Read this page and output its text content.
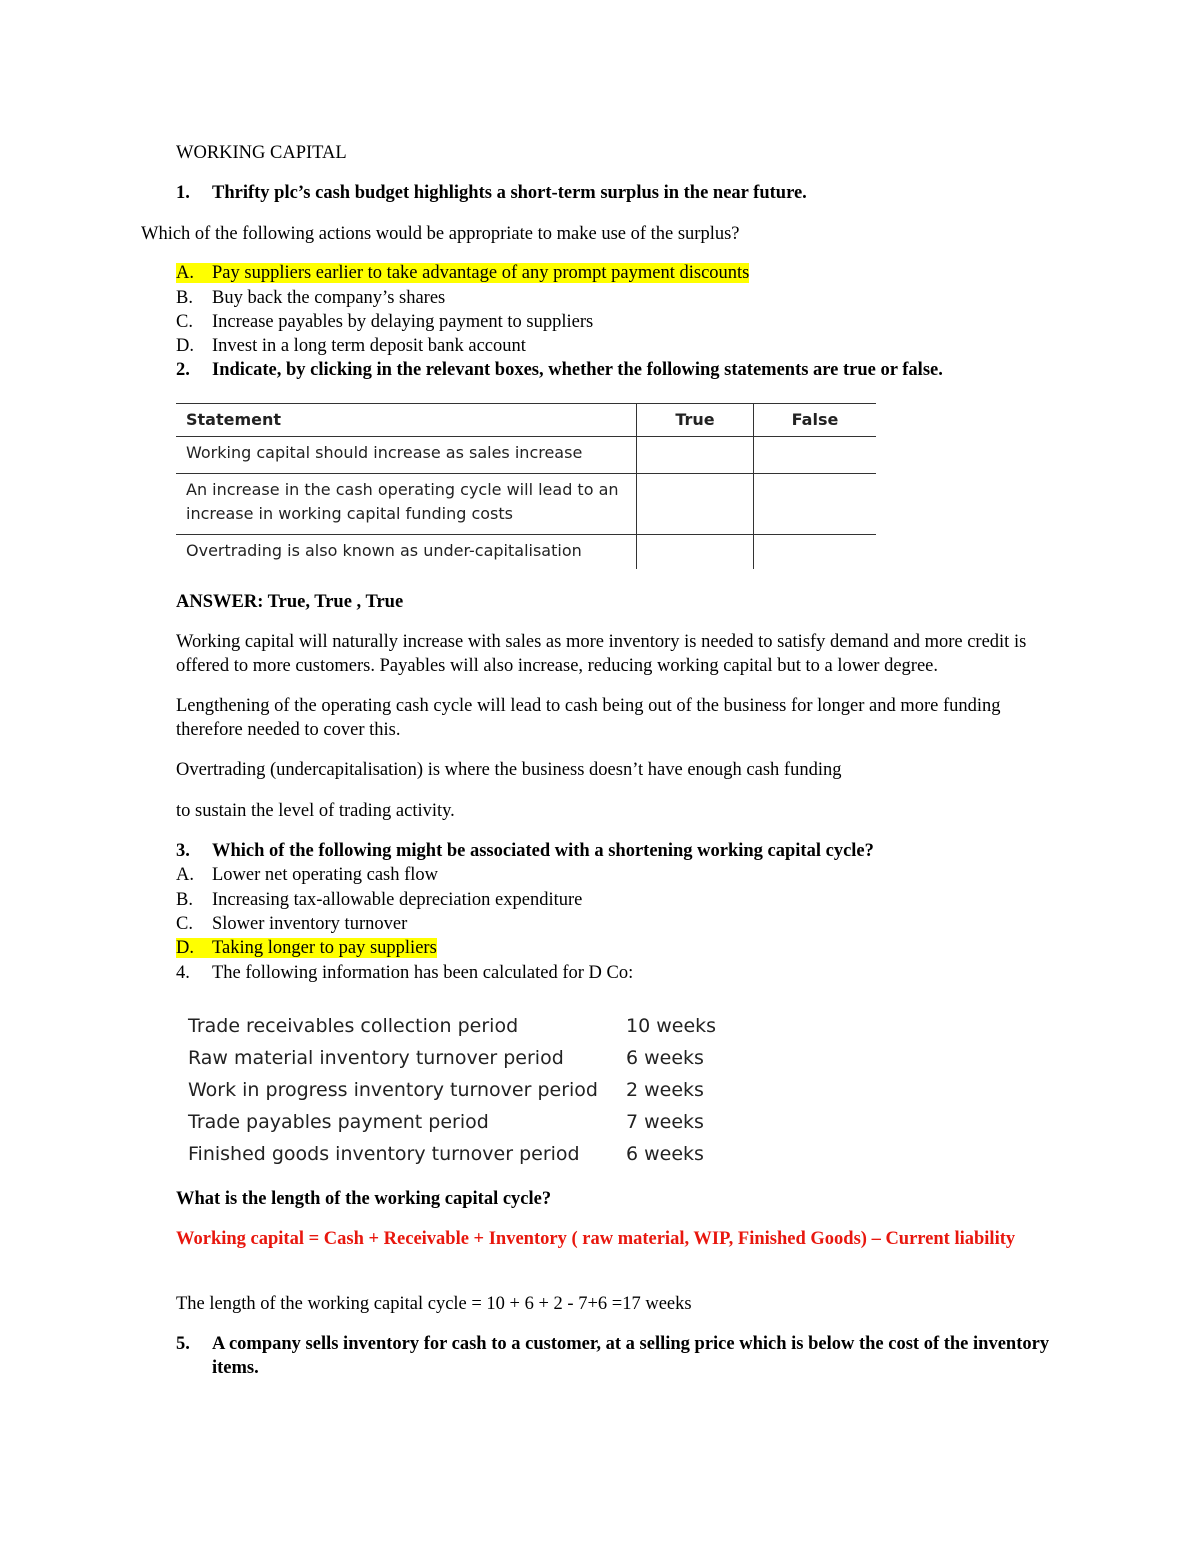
WORKING CAPITAL
1. Thrifty plc’s cash budget highlights a short-term surplus in the near future.
Which of the following actions would be appropriate to make use of the surplus?
A. Pay suppliers earlier to take advantage of any prompt payment discounts
B. Buy back the company’s shares
C. Increase payables by delaying payment to suppliers
D. Invest in a long term deposit bank account
2. Indicate, by clicking in the relevant boxes, whether the following statements are true or false.
Statement	True	False
Working capital should increase as sales increase
An increase in the cash operating cycle will lead to an increase in working capital funding costs
Overtrading is also known as under-capitalisation
ANSWER: True, True , True
Working capital will naturally increase with sales as more inventory is needed to satisfy demand and more credit is offered to more customers. Payables will also increase, reducing working capital but to a lower degree.
Lengthening of the operating cash cycle will lead to cash being out of the business for longer and more funding therefore needed to cover this.
Overtrading (undercapitalisation) is where the business doesn’t have enough cash funding
to sustain the level of trading activity.
3. Which of the following might be associated with a shortening working capital cycle?
A. Lower net operating cash flow
B. Increasing tax-allowable depreciation expenditure
C. Slower inventory turnover
D. Taking longer to pay suppliers
4. The following information has been calculated for D Co:
Trade receivables collection period	10 weeks
Raw material inventory turnover period	6 weeks
Work in progress inventory turnover period	2 weeks
Trade payables payment period	7 weeks
Finished goods inventory turnover period	6 weeks
What is the length of the working capital cycle?
Working capital = Cash + Receivable + Inventory ( raw material, WIP, Finished Goods) – Current liability
The length of the working capital cycle = 10 + 6 + 2 - 7+6 =17 weeks
5.	A company sells inventory for cash to a customer, at a selling price which is below the cost of the inventory items.
